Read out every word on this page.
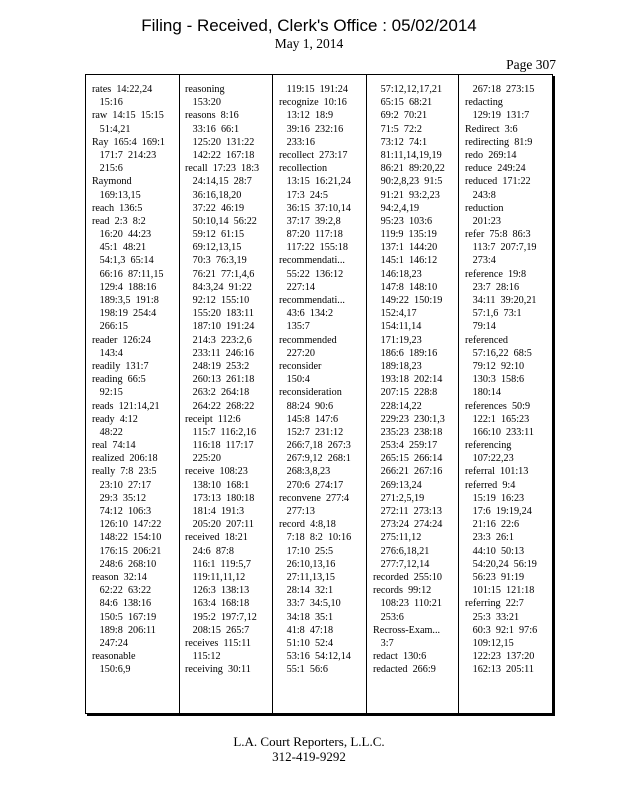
Filing - Received, Clerk's Office : 05/02/2014
May 1, 2014
Page 307
rates  14:22,24
15:16
raw  14:15  15:15
51:4,21
Ray  165:4  169:1
171:7  214:23
215:6
Raymond
169:13,15
reach  136:5
read  2:3  8:2
16:20  44:23
45:1  48:21
54:1,3  65:14
66:16  87:11,15
129:4  188:16
189:3,5  191:8
198:19  254:4
266:15
reader  126:24
143:4
readily  131:7
reading  66:5
92:15
reads  121:14,21
ready  4:12
48:22
real  74:14
realized  206:18
really  7:8  23:5
23:10  27:17
29:3  35:12
74:12  106:3
126:10  147:22
148:22  154:10
176:15  206:21
248:6  268:10
reason  32:14
62:22  63:22
84:6  138:16
150:5  167:19
189:8  206:11
247:24
reasonable
150:6,9
reasoning
153:20
reasons  8:16
33:16  66:1
125:20  131:22
142:22  167:18
recall  17:23  18:3
24:14,15  28:7
36:16,18,20
37:22  46:19
50:10,14  56:22
59:12  61:15
69:12,13,15
70:3  76:3,19
76:21  77:1,4,6
84:3,24  91:22
92:12  155:10
155:20  183:11
187:10  191:24
214:3  223:2,6
233:11  246:16
248:19  253:2
260:13  261:18
263:2  264:18
264:22  268:22
receipt  112:6
115:7  116:2,16
116:18  117:17
225:20
receive  108:23
138:10  168:1
173:13  180:18
181:4  191:3
205:20  207:11
received  18:21
24:6  87:8
116:1  119:5,7
119:11,11,12
126:3  138:13
163:4  168:18
195:2  197:7,12
208:15  265:7
receives  115:11
115:12
receiving  30:11
119:15  191:24
recognize  10:16
13:12  18:9
39:16  232:16
233:16
recollect  273:17
recollection
13:15  16:21,24
17:3  24:5
36:15  37:10,14
37:17  39:2,8
87:20  117:18
117:22  155:18
recommendati...
55:22  136:12
227:14
recommendati...
43:6  134:2
135:7
recommended
227:20
reconsider
150:4
reconsideration
88:24  90:6
145:8  147:6
152:7  231:12
266:7,18  267:3
267:9,12  268:1
268:3,8,23
270:6  274:17
reconvene  277:4
277:13
record  4:8,18
7:18  8:2  10:16
17:10  25:5
26:10,13,16
27:11,13,15
28:14  32:1
33:7  34:5,10
34:18  35:1
41:8  47:18
51:10  52:4
53:16  54:12,14
55:1  56:6
57:12,12,17,21
65:15  68:21
69:2  70:21
71:5  72:2
73:12  74:1
81:11,14,19,19
86:21  89:20,22
90:2,8,23  91:5
91:21  93:2,23
94:2,4,19
95:23  103:6
119:9  135:19
137:1  144:20
145:1  146:12
146:18,23
147:8  148:10
149:22  150:19
152:4,17
154:11,14
171:19,23
186:6  189:16
189:18,23
193:18  202:14
207:15  228:8
228:14,22
229:23  230:1,3
235:23  238:18
253:4  259:17
265:15  266:14
266:21  267:16
269:13,24
271:2,5,19
272:11  273:13
273:24  274:24
275:11,12
276:6,18,21
277:7,12,14
recorded  255:10
records  99:12
108:23  110:21
253:6
Recross-Exam...
3:7
redact  130:6
redacted  266:9
267:18  273:15
redacting
129:19  131:7
Redirect  3:6
redirecting  81:9
redo  269:14
reduce  249:24
reduced  171:22
243:8
reduction
201:23
refer  75:8  86:3
113:7  207:7,19
273:4
reference  19:8
23:7  28:16
34:11  39:20,21
57:1,6  73:1
79:14
referenced
57:16,22  68:5
79:12  92:10
130:3  158:6
180:14
references  50:9
122:1  165:23
166:10  233:11
referencing
107:22,23
referral  101:13
referred  9:4
15:19  16:23
17:6  19:19,24
21:16  22:6
23:3  26:1
44:10  50:13
54:20,24  56:19
56:23  91:19
101:15  121:18
referring  22:7
25:3  33:21
60:3  92:1  97:6
109:12,15
122:23  137:20
162:13  205:11
L.A. Court Reporters, L.L.C.
312-419-9292
